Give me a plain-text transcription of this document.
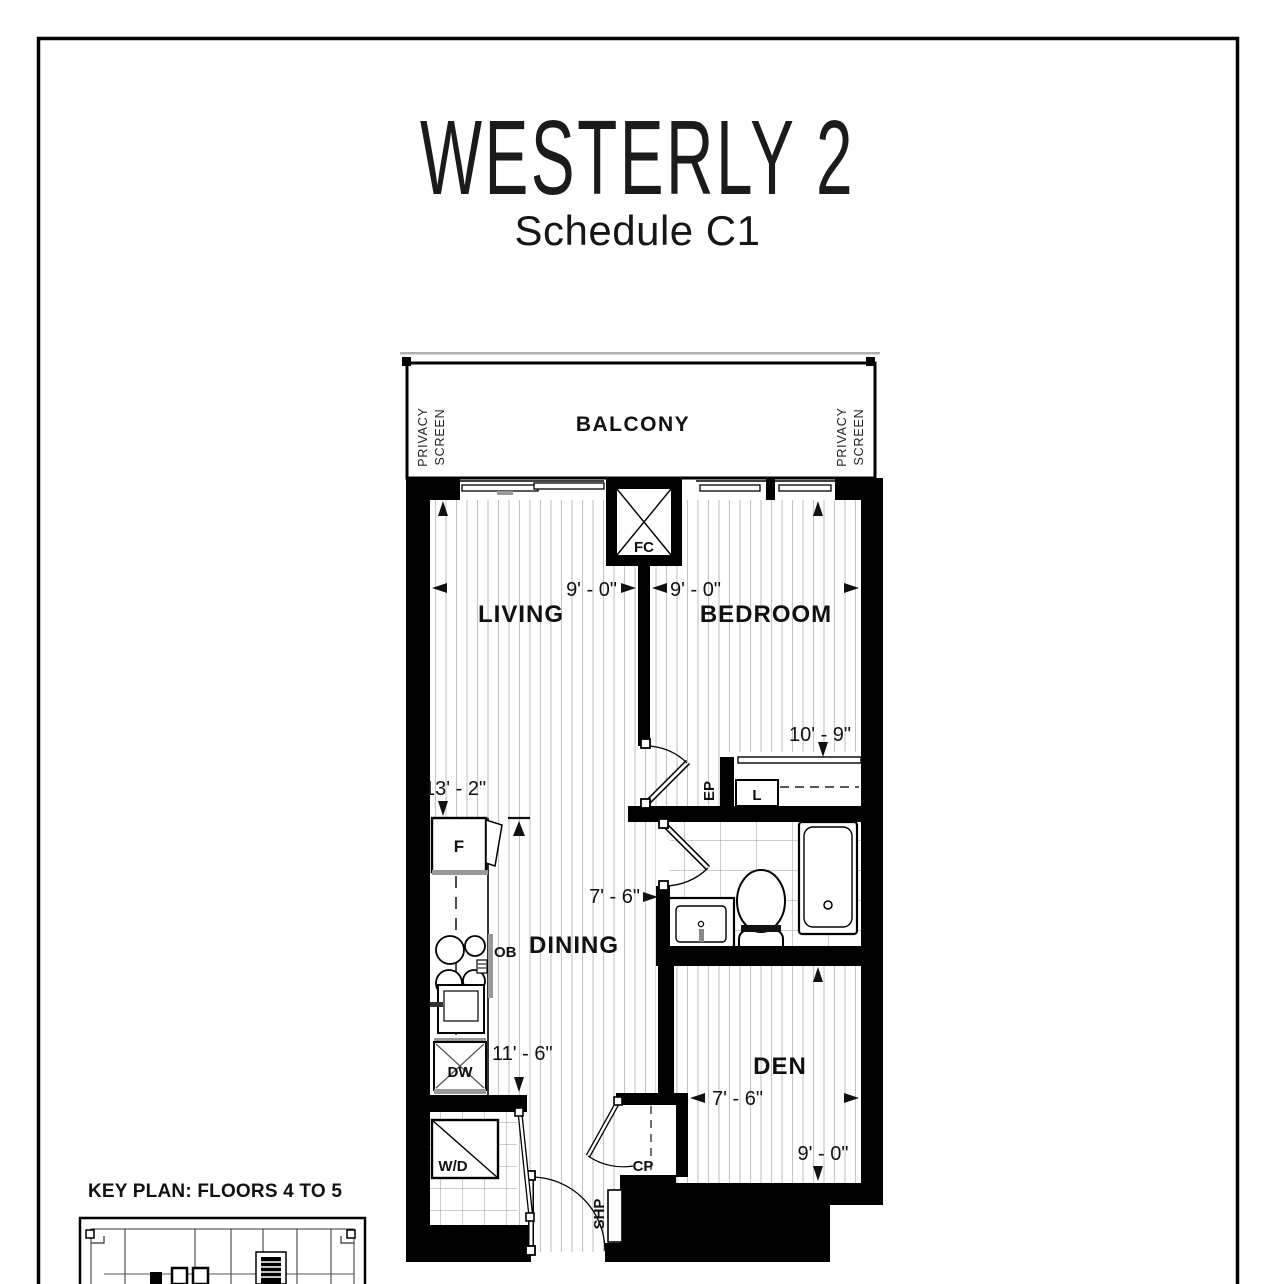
WESTERLY 2
Schedule C1
BALCONY
PRIVACY SCREEN	PRIVACY SCREEN
9' - 0"	9' - 0"
13' - 2"
10' - 9"
7' - 6"
11' - 6"
7' - 6"
9' - 0"
LIVING	BEDROOM
DINING
DEN
FC
EP L
F
OB
DW
W/D	CP
SHP
KEY PLAN: FLOORS 4 TO 5
